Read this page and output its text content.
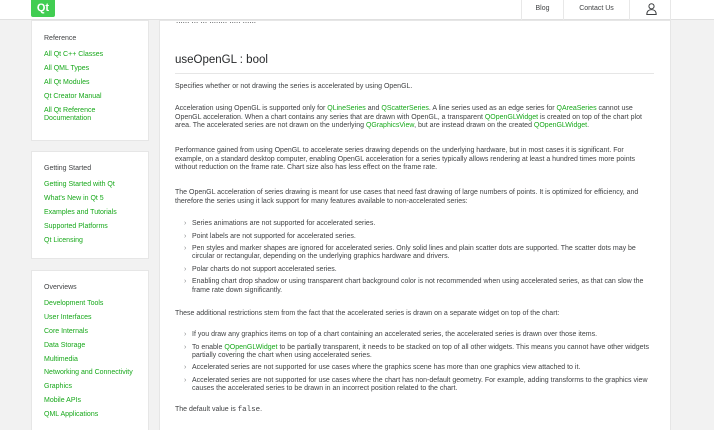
Qt	Blog	Contact Us
Reference
All Qt C++ Classes
All QML Types
All Qt Modules
Qt Creator Manual
All Qt Reference Documentation
Getting Started
Getting Started with Qt
What's New in Qt 5
Examples and Tutorials
Supported Platforms
Qt Licensing
Overviews
Development Tools
User Interfaces
Core Internals
Data Storage
Multimedia
Networking and Connectivity
Graphics
Mobile APIs
QML Applications
useOpenGL : bool

Specifies whether or not drawing the series is accelerated by using OpenGL.

Acceleration using OpenGL is supported only for QLineSeries and QScatterSeries. A line series used as an edge series for QAreaSeries cannot use OpenGL acceleration. When a chart contains any series that are drawn with OpenGL, a transparent QOpenGLWidget is created on top of the chart plot area. The accelerated series are not drawn on the underlying QGraphicsView, but are instead drawn on the created QOpenGLWidget.

Performance gained from using OpenGL to accelerate series drawing depends on the underlying hardware, but in most cases it is significant. For example, on a standard desktop computer, enabling OpenGL acceleration for a series typically allows rendering at least a hundred times more points without reduction on the frame rate. Chart size also has less effect on the frame rate.

The OpenGL acceleration of series drawing is meant for use cases that need fast drawing of large numbers of points. It is optimized for efficiency, and therefore the series using it lack support for many features available to non-accelerated series:

› Series animations are not supported for accelerated series.
› Point labels are not supported for accelerated series.
› Pen styles and marker shapes are ignored for accelerated series. Only solid lines and plain scatter dots are supported. The scatter dots may be circular or rectangular, depending on the underlying graphics hardware and drivers.
› Polar charts do not support accelerated series.
› Enabling chart drop shadow or using transparent chart background color is not recommended when using accelerated series, as that can slow the frame rate down significantly.

These additional restrictions stem from the fact that the accelerated series is drawn on a separate widget on top of the chart:

› If you draw any graphics items on top of a chart containing an accelerated series, the accelerated series is drawn over those items.
› To enable QOpenGLWidget to be partially transparent, it needs to be stacked on top of all other widgets. This means you cannot have other widgets partially covering the chart when using accelerated series.
› Accelerated series are not supported for use cases where the graphics scene has more than one graphics view attached to it.
› Accelerated series are not supported for use cases where the chart has non-default geometry. For example, adding transforms to the graphics view causes the accelerated series to be drawn in an incorrect position related to the chart.

The default value is false.
